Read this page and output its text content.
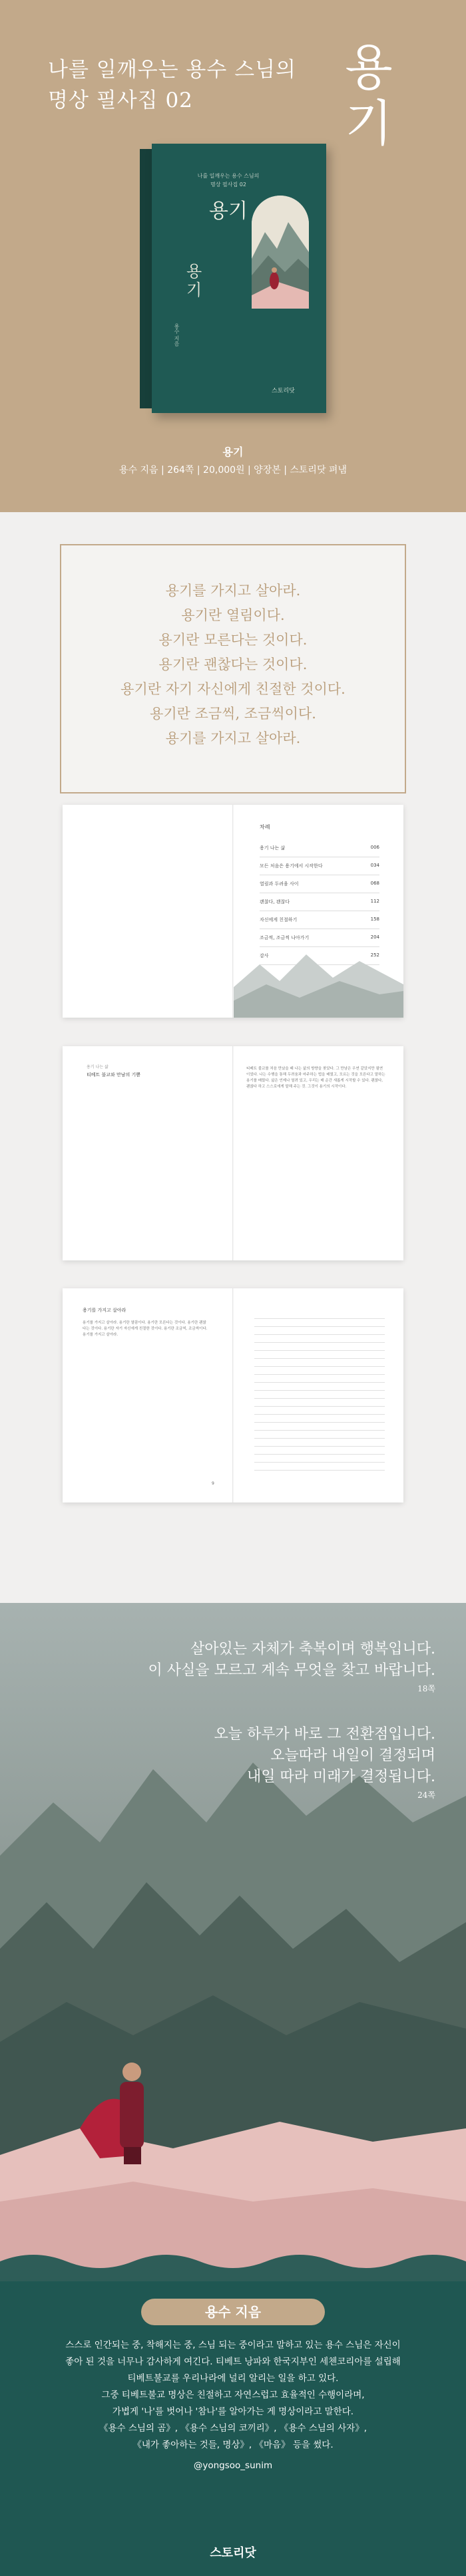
나를 일깨우는 용수 스님의
명상 필사집 02
용
기
나를 일깨우는 용수 스님의
명상 필사집 02
용기
용
기
용수 지음
스토리닷
용기
용수 지음 | 264쪽 | 20,000원 | 양장본 | 스토리닷 펴냄
용기를 가지고 살아라.
용기란 열림이다.
용기란 모른다는 것이다.
용기란 괜찮다는 것이다.
용기란 자기 자신에게 친절한 것이다.
용기란 조금씩, 조금씩이다.
용기를 가지고 살아라.
차례
용기 나는 삶	006
모든 처음은 용기에서 시작한다	034
열림과 두려움 사이	068
괜찮다, 괜찮다	112
자신에게 친절하기	158
조금씩, 조금씩 나아가기	204
감사	252
용기 나는 삶
티베트 불교와 만남의 기쁨
티베트 불교를 처음 만났을 때 나는 삶의 방향을 찾았다. 그 만남은 우연 같았지만 필연이었다. 나는 수행을 통해 두려움과 마주하는 법을 배웠고, 모르는 것을 모른다고 말하는 용기를 배웠다. 삶은 언제나 열려 있고, 우리는 매 순간 새롭게 시작할 수 있다. 괜찮다, 괜찮다 하고 스스로에게 말해 주는 것. 그것이 용기의 시작이다.
용기를 가지고 살아라
용기를 가지고 살아라. 용기란 열림이다. 용기란 모른다는 것이다. 용기란 괜찮다는 것이다. 용기란 자기 자신에게 친절한 것이다. 용기란 조금씩, 조금씩이다. 용기를 가지고 살아라.
9
살아있는 자체가 축복이며 행복입니다.
이 사실을 모르고 계속 무엇을 찾고 바랍니다.
18쪽
오늘 하루가 바로 그 전환점입니다.
오늘따라 내일이 결정되며
내일 따라 미래가 결정됩니다.
24쪽
용수 지음
스스로 인간되는 중, 착해지는 중, 스님 되는 중이라고 말하고 있는 용수 스님은 자신이
좋아 된 것을 너무나 감사하게 여긴다. 티베트 낭파와 한국지부인 세첸코리아를 설립해
티베트불교를 우리나라에 널리 알리는 일을 하고 있다.
그중 티베트불교 명상은 친절하고 자연스럽고 효율적인 수행이라며,
가볍게 '나'를 벗어나 '참나'를 알아가는 게 명상이라고 말한다.
《용수 스님의 곰》, 《용수 스님의 코끼리》, 《용수 스님의 사자》,
《내가 좋아하는 것들, 명상》, 《마음》 등을 썼다.
@yongsoo_sunim
스토리닷
